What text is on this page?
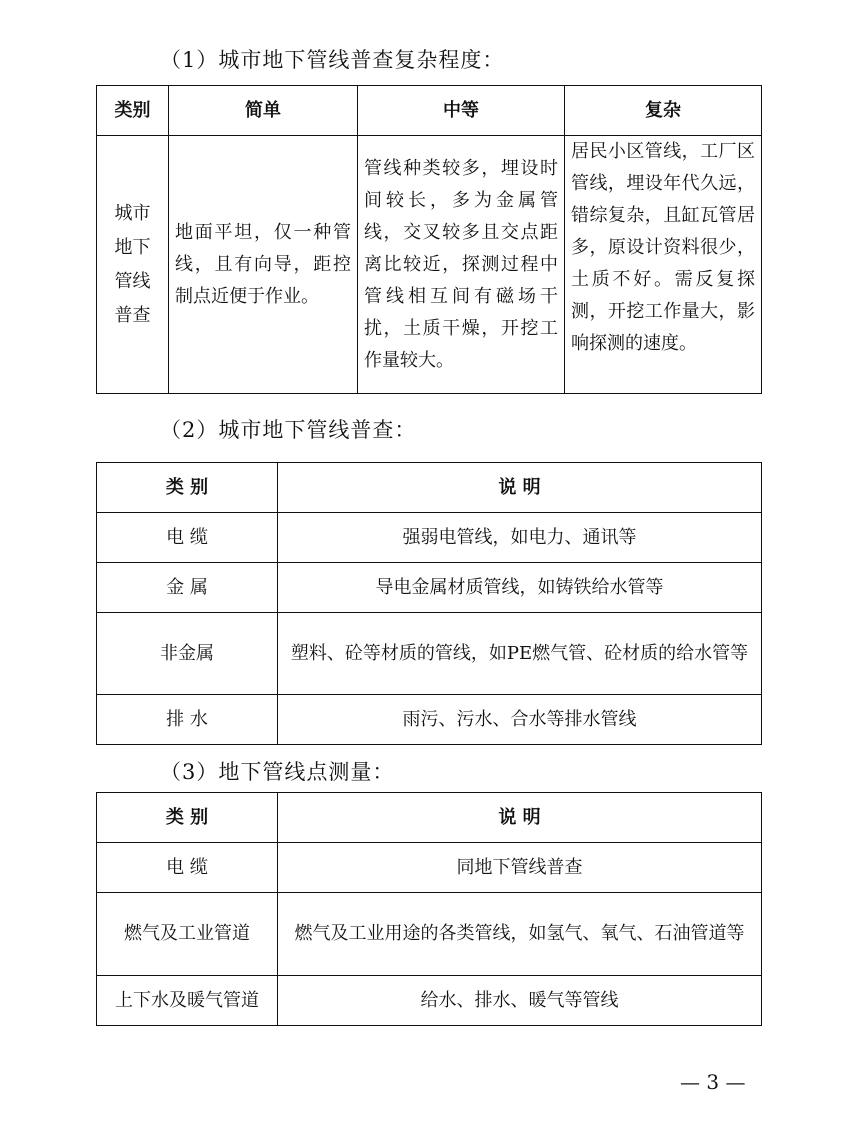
（1）城市地下管线普查复杂程度：
类别	简单	中等	复杂
城市地下管线普查	地面平坦，仅一种管线，且有向导，距控制点近便于作业。	管线种类较多，埋设时间较长，多为金属管线，交叉较多且交点距离比较近，探测过程中管线相互间有磁场干扰，土质干燥，开挖工作量较大。	居民小区管线，工厂区管线，埋设年代久远，错综复杂，且缸瓦管居多，原设计资料很少，土质不好。需反复探测，开挖工作量大，影响探测的速度。
（2）城市地下管线普查：
类 别	说 明
电 缆	强弱电管线，如电力、通讯等
金 属	导电金属材质管线，如铸铁给水管等
非金属	塑料、砼等材质的管线，如PE燃气管、砼材质的给水管等
排 水	雨污、污水、合水等排水管线
（3）地下管线点测量：
类 别	说 明
电 缆	同地下管线普查
燃气及工业管道	燃气及工业用途的各类管线，如氢气、氧气、石油管道等
上下水及暖气管道	给水、排水、暖气等管线
— 3 —
